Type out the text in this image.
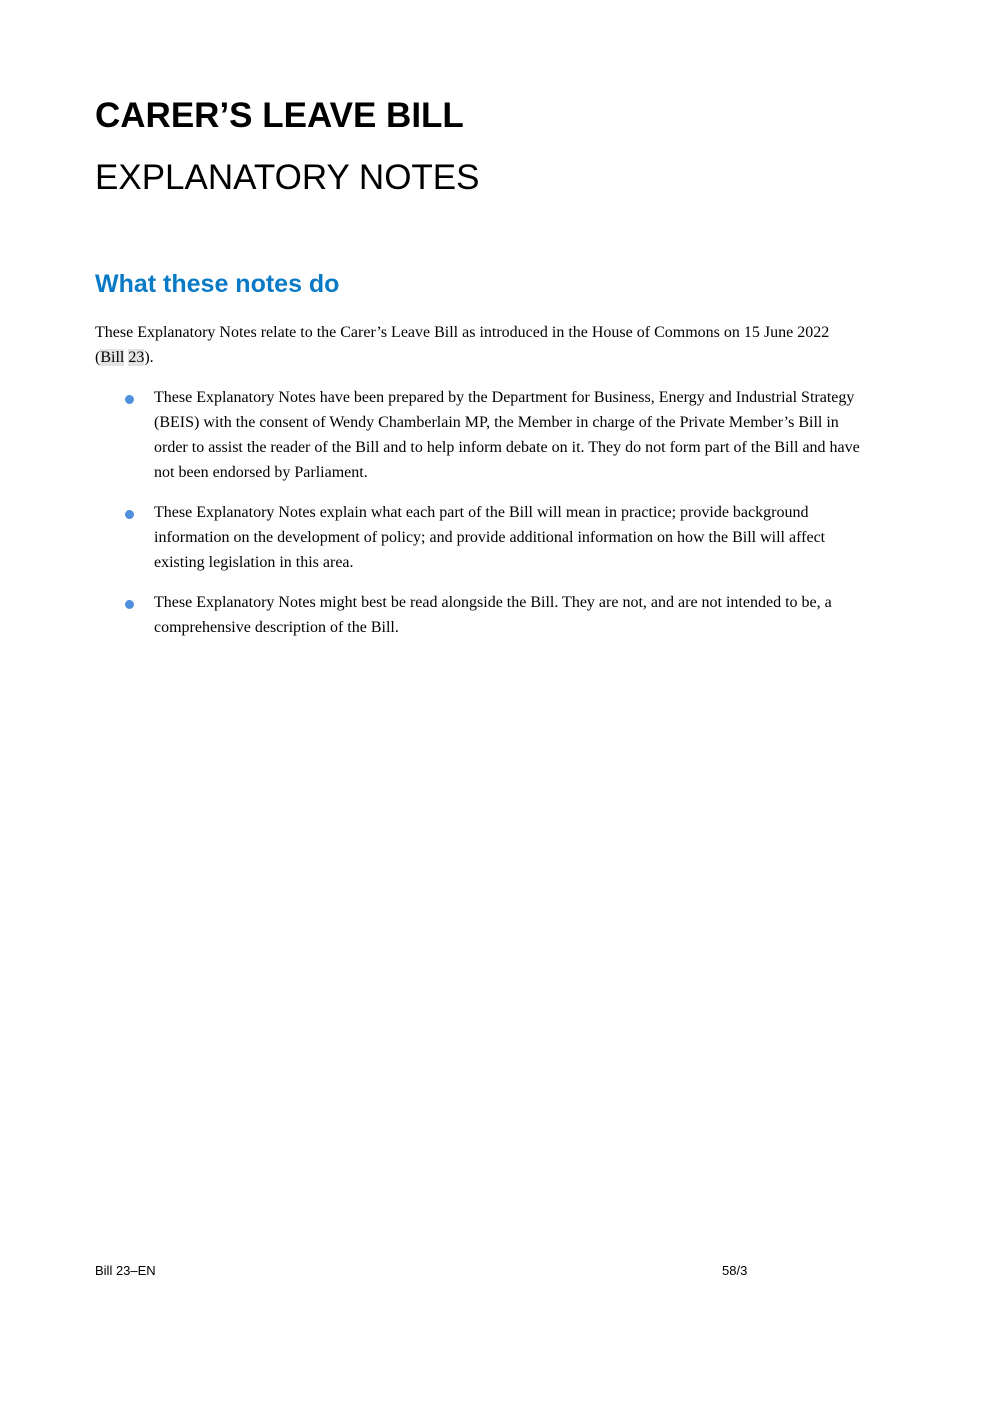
CARER’S LEAVE BILL
EXPLANATORY NOTES
What these notes do

These Explanatory Notes relate to the Carer’s Leave Bill as introduced in the House of Commons on 15 June 2022 (Bill 23).

These Explanatory Notes have been prepared by the Department for Business, Energy and Industrial Strategy (BEIS) with the consent of Wendy Chamberlain MP, the Member in charge of the Private Member’s Bill in order to assist the reader of the Bill and to help inform debate on it. They do not form part of the Bill and have not been endorsed by Parliament.
These Explanatory Notes explain what each part of the Bill will mean in practice; provide background information on the development of policy; and provide additional information on how the Bill will affect existing legislation in this area.
These Explanatory Notes might best be read alongside the Bill. They are not, and are not intended to be, a comprehensive description of the Bill.
Bill 23–EN	58/3
